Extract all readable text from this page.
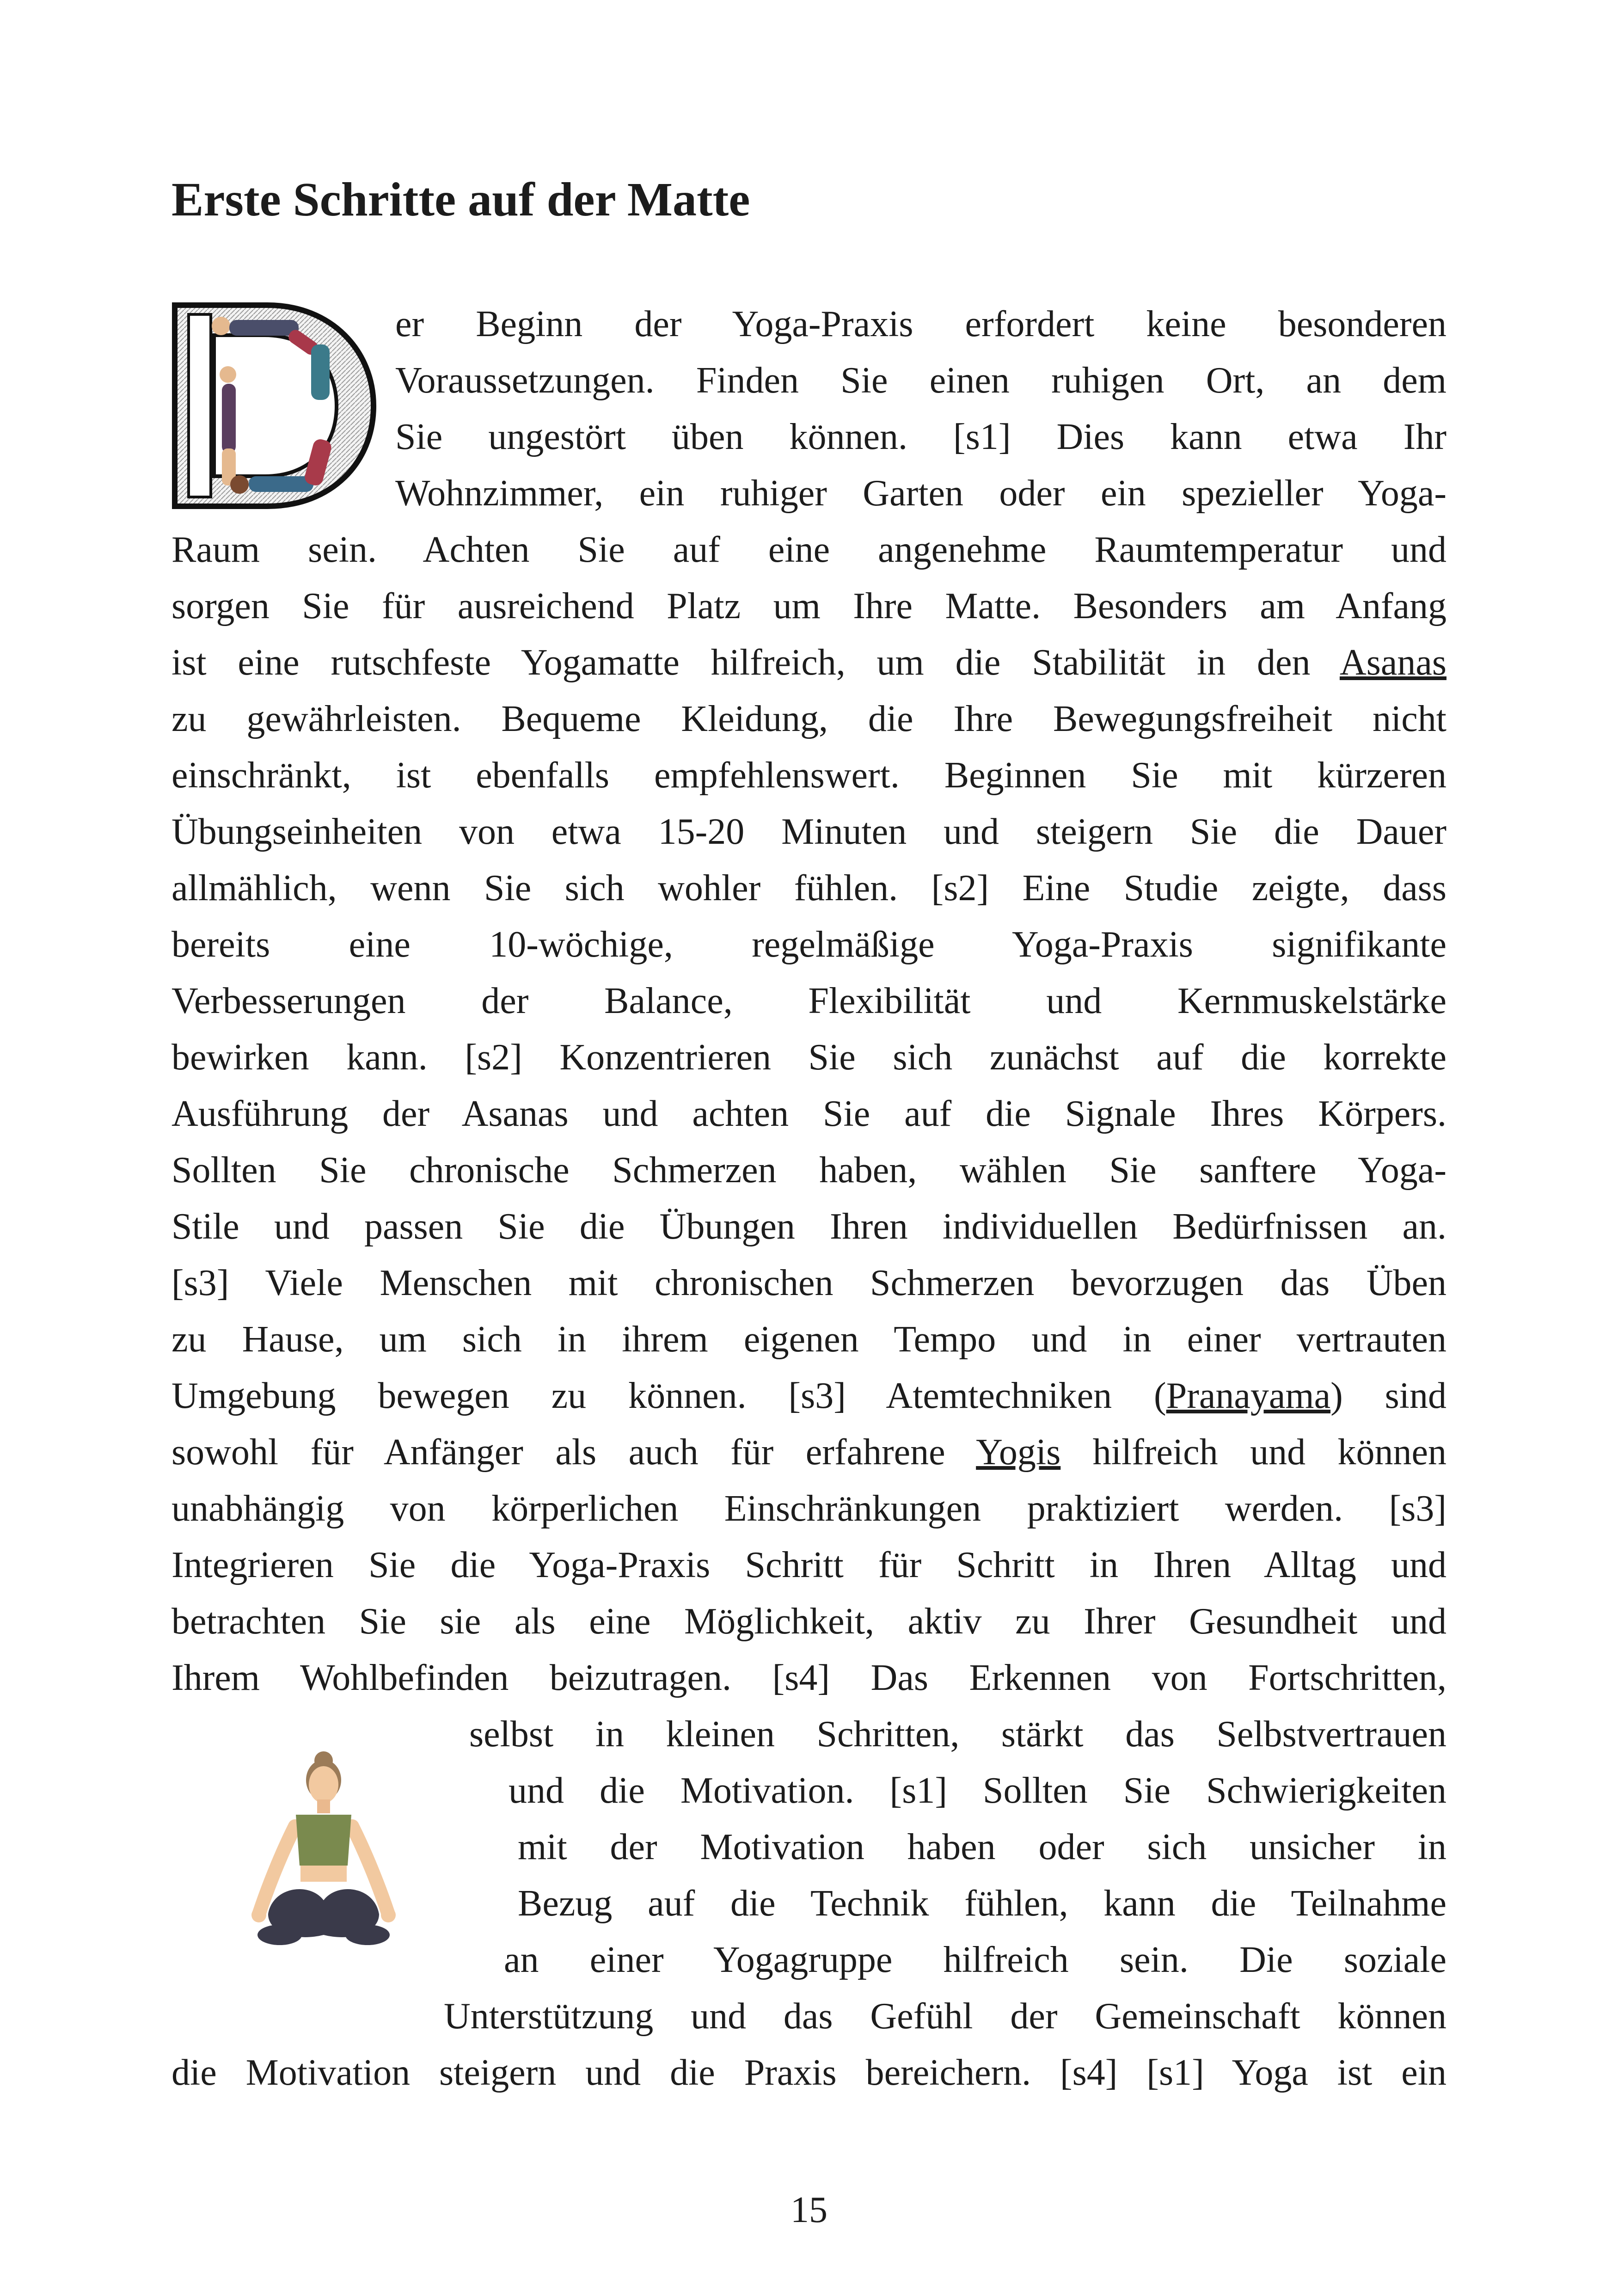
Erste Schritte auf der Matte
er Beginn der Yoga-Praxis erfordert keine besonderen
Voraussetzungen. Finden Sie einen ruhigen Ort, an dem
Sie ungestört üben können. [s1] Dies kann etwa Ihr
Wohnzimmer, ein ruhiger Garten oder ein spezieller Yoga-
Raum sein. Achten Sie auf eine angenehme Raumtemperatur und
sorgen Sie für ausreichend Platz um Ihre Matte. Besonders am Anfang
ist eine rutschfeste Yogamatte hilfreich, um die Stabilität in den Asanas
zu gewährleisten. Bequeme Kleidung, die Ihre Bewegungsfreiheit nicht
einschränkt, ist ebenfalls empfehlenswert. Beginnen Sie mit kürzeren
Übungseinheiten von etwa 15-20 Minuten und steigern Sie die Dauer
allmählich, wenn Sie sich wohler fühlen. [s2] Eine Studie zeigte, dass
bereits eine 10-wöchige, regelmäßige Yoga-Praxis signifikante
Verbesserungen der Balance, Flexibilität und Kernmuskelstärke
bewirken kann. [s2] Konzentrieren Sie sich zunächst auf die korrekte
Ausführung der Asanas und achten Sie auf die Signale Ihres Körpers.
Sollten Sie chronische Schmerzen haben, wählen Sie sanftere Yoga-
Stile und passen Sie die Übungen Ihren individuellen Bedürfnissen an.
[s3] Viele Menschen mit chronischen Schmerzen bevorzugen das Üben
zu Hause, um sich in ihrem eigenen Tempo und in einer vertrauten
Umgebung bewegen zu können. [s3] Atemtechniken (Pranayama) sind
sowohl für Anfänger als auch für erfahrene Yogis hilfreich und können
unabhängig von körperlichen Einschränkungen praktiziert werden. [s3]
Integrieren Sie die Yoga-Praxis Schritt für Schritt in Ihren Alltag und
betrachten Sie sie als eine Möglichkeit, aktiv zu Ihrer Gesundheit und
Ihrem Wohlbefinden beizutragen. [s4] Das Erkennen von Fortschritten,
selbst in kleinen Schritten, stärkt das Selbstvertrauen
und die Motivation. [s1] Sollten Sie Schwierigkeiten
mit der Motivation haben oder sich unsicher in
Bezug auf die Technik fühlen, kann die Teilnahme
an einer Yogagruppe hilfreich sein. Die soziale
Unterstützung und das Gefühl der Gemeinschaft können
die Motivation steigern und die Praxis bereichern. [s4] [s1] Yoga ist ein
15
